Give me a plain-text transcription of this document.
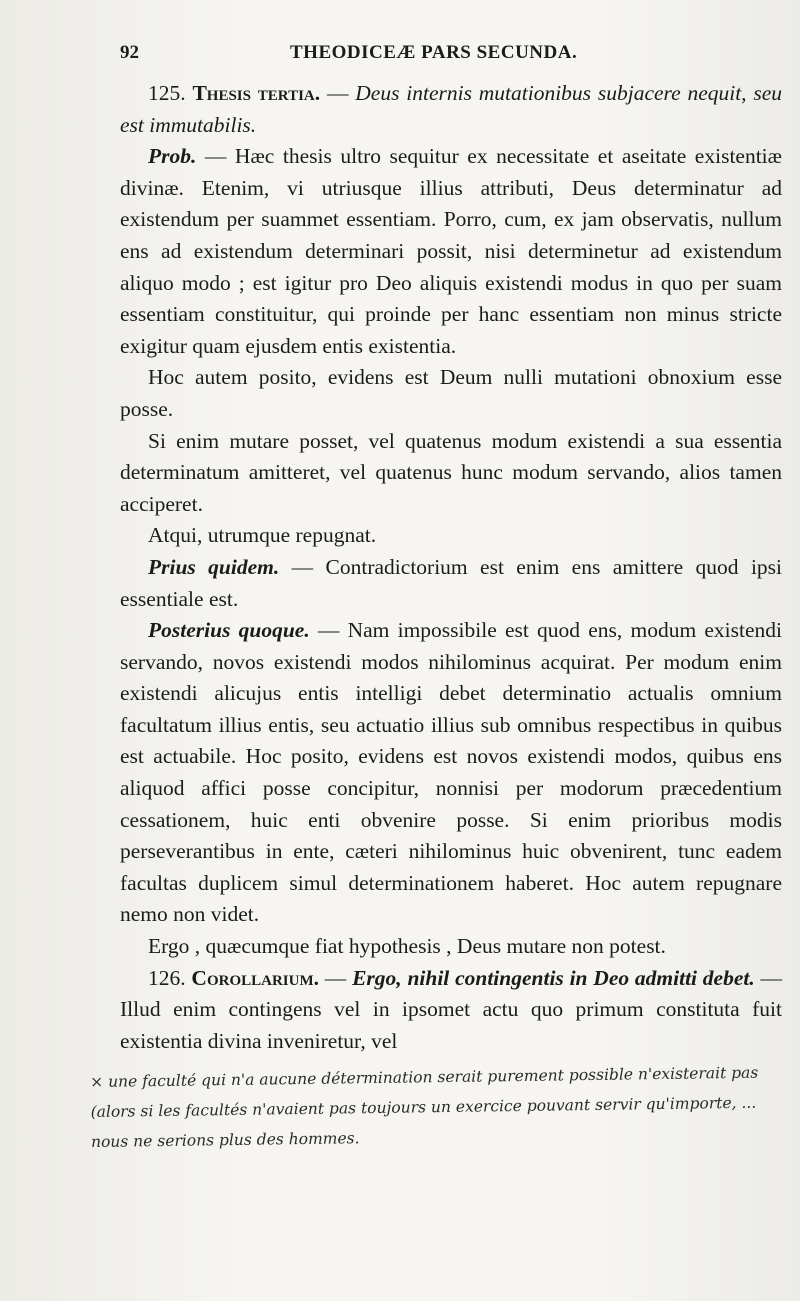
92	THEODICEÆ PARS SECUNDA.

125. Thesis tertia. — Deus internis mutationibus subjacere nequit, seu est immutabilis.

Prob. — Hæc thesis ultro sequitur ex necessitate et aseitate existentiæ divinæ. Etenim, vi utriusque illius attributi, Deus determinatur ad existendum per suammet essentiam. Porro, cum, ex jam observatis, nullum ens ad existendum determinari possit, nisi determinetur ad existendum aliquo modo ; est igitur pro Deo aliquis existendi modus in quo per suam essentiam constituitur, qui proinde per hanc essentiam non minus stricte exigitur quam ejusdem entis existentia.

Hoc autem posito, evidens est Deum nulli mutationi obnoxium esse posse.

Si enim mutare posset, vel quatenus modum existendi a sua essentia determinatum amitteret, vel quatenus hunc modum servando, alios tamen acciperet.

Atqui, utrumque repugnat.

Prius quidem. — Contradictorium est enim ens amittere quod ipsi essentiale est.

Posterius quoque. — Nam impossibile est quod ens, modum existendi servando, novos existendi modos nihilominus acquirat. Per modum enim existendi alicujus entis intelligi debet determinatio actualis omnium facultatum illius entis, seu actuatio illius sub omnibus respectibus in quibus est actuabile. Hoc posito, evidens est novos existendi modos, quibus ens aliquod affici posse concipitur, nonnisi per modorum præcedentium cessationem, huic enti obvenire posse. Si enim prioribus modis perseverantibus in ente, cæteri nihilominus huic obvenirent, tunc eadem facultas duplicem simul determinationem haberet. Hoc autem repugnare nemo non videt.

Ergo , quæcumque fiat hypothesis , Deus mutare non potest.

126. Corollarium. — Ergo, nihil contingentis in Deo admitti debet. — Illud enim contingens vel in ipsomet actu quo primum constituta fuit existentia divina inveniretur, vel

× une faculté qui n'a aucune détermination serait purement possible n'existerait pas (alors si les facultés n'avaient pas toujours un exercice pouvant servir qu'importe, ... nous ne serions plus des hommes.
